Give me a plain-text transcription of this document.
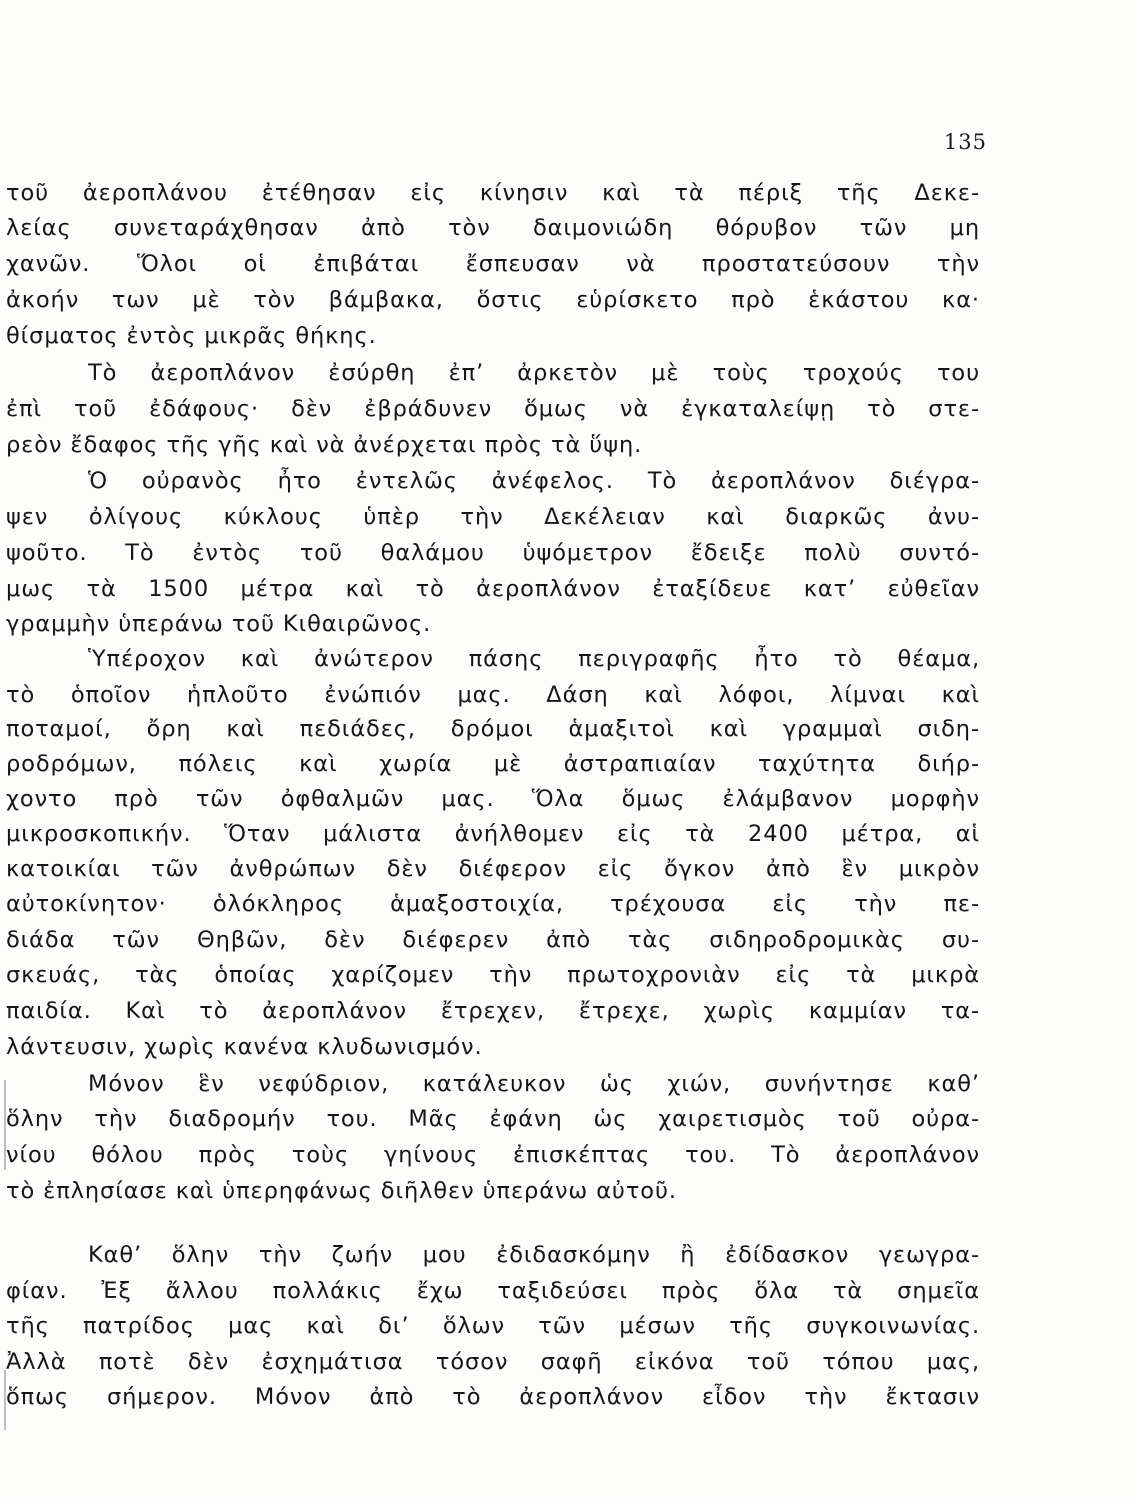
135
τοῦ ἀεροπλάνου ἐτέθησαν εἰς κίνησιν καὶ τὰ πέριξ τῆς Δεκε-
λείας συνεταράχθησαν ἀπὸ τὸν δαιμονιώδη θόρυβον τῶν μη
χανῶν. Ὅλοι οἱ ἐπιβάται ἔσπευσαν νὰ προστατεύσουν τὴν
ἀκοήν των μὲ τὸν βάμβακα, ὅστις εὑρίσκετο πρὸ ἑκάστου κα·
θίσματος ἐντὸς μικρᾶς θήκης.
Τὸ ἀεροπλάνον ἐσύρθη ἐπ’ ἀρκετὸν μὲ τοὺς τροχούς του
ἐπὶ τοῦ ἐδάφους· δὲν ἐβράδυνεν ὅμως νὰ ἐγκαταλείψῃ τὸ στε-
ρεὸν ἔδαφος τῆς γῆς καὶ νὰ ἀνέρχεται πρὸς τὰ ὕψη.
Ὁ οὐρανὸς ἦτο ἐντελῶς ἀνέφελος. Τὸ ἀεροπλάνον διέγρα-
ψεν ὀλίγους κύκλους ὑπὲρ τὴν Δεκέλειαν καὶ διαρκῶς ἀνυ-
ψοῦτο. Τὸ ἐντὸς τοῦ θαλάμου ὑψόμετρον ἔδειξε πολὺ συντό-
μως τὰ 1500 μέτρα καὶ τὸ ἀεροπλάνον ἐταξίδευε κατ’ εὐθεῖαν
γραμμὴν ὑπεράνω τοῦ Κιθαιρῶνος.
Ὑπέροχον καὶ ἀνώτερον πάσης περιγραφῆς ἦτο τὸ θέαμα,
τὸ ὁποῖον ἡπλοῦτο ἐνώπιόν μας. Δάση καὶ λόφοι, λίμναι καὶ
ποταμοί, ὄρη καὶ πεδιάδες, δρόμοι ἁμαξιτοὶ καὶ γραμμαὶ σιδη-
ροδρόμων, πόλεις καὶ χωρία μὲ ἀστραπιαίαν ταχύτητα διήρ-
χοντο πρὸ τῶν ὀφθαλμῶν μας. Ὅλα ὅμως ἐλάμβανον μορφὴν
μικροσκοπικήν. Ὅταν μάλιστα ἀνήλθομεν εἰς τὰ 2400 μέτρα, αἱ
κατοικίαι τῶν ἀνθρώπων δὲν διέφερον εἰς ὄγκον ἀπὸ ἓν μικρὸν
αὐτοκίνητον· ὁλόκληρος ἁμαξοστοιχία, τρέχουσα εἰς τὴν πε-
διάδα τῶν Θηβῶν, δὲν διέφερεν ἀπὸ τὰς σιδηροδρομικὰς συ-
σκευάς, τὰς ὁποίας χαρίζομεν τὴν πρωτοχρονιὰν εἰς τὰ μικρὰ
παιδία. Καὶ τὸ ἀεροπλάνον ἔτρεχεν, ἔτρεχε, χωρὶς καμμίαν τα-
λάντευσιν, χωρὶς κανένα κλυδωνισμόν.
Μόνον ἓν νεφύδριον, κατάλευκον ὡς χιών, συνήντησε καθ’
ὅλην τὴν διαδρομήν του. Μᾶς ἐφάνη ὡς χαιρετισμὸς τοῦ οὐρα-
νίου θόλου πρὸς τοὺς γηίνους ἐπισκέπτας του. Τὸ ἀεροπλάνον
τὸ ἐπλησίασε καὶ ὑπερηφάνως διῆλθεν ὑπεράνω αὐτοῦ.
Καθ’ ὅλην τὴν ζωήν μου ἐδιδασκόμην ἢ ἐδίδασκον γεωγρα-
φίαν. Ἐξ ἄλλου πολλάκις ἔχω ταξιδεύσει πρὸς ὅλα τὰ σημεῖα
τῆς πατρίδος μας καὶ δι’ ὅλων τῶν μέσων τῆς συγκοινωνίας.
Ἀλλὰ ποτὲ δὲν ἐσχημάτισα τόσον σαφῆ εἰκόνα τοῦ τόπου μας,
ὅπως σήμερον. Μόνον ἀπὸ τὸ ἀεροπλάνον εἶδον τὴν ἔκτασιν
